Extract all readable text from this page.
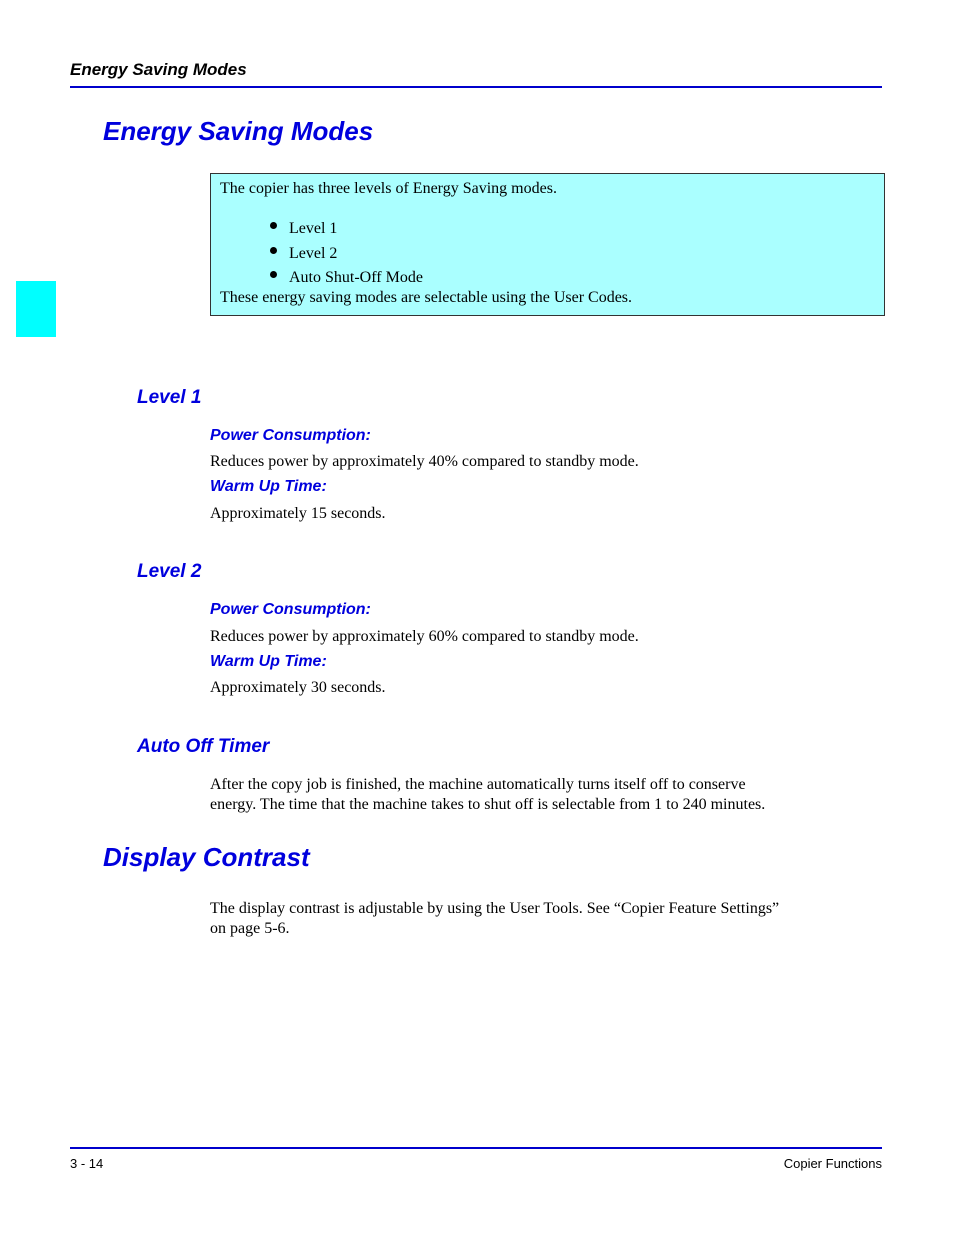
Energy Saving Modes
Energy Saving Modes
The copier has three levels of Energy Saving modes.
Level 1
Level 2
Auto Shut-Off Mode
These energy saving modes are selectable using the User Codes.
Level 1
Power Consumption:
Reduces power by approximately 40% compared to standby mode.
Warm Up Time:
Approximately 15 seconds.
Level 2
Power Consumption:
Reduces power by approximately 60% compared to standby mode.
Warm Up Time:
Approximately 30 seconds.
Auto Off Timer
After the copy job is finished, the machine automatically turns itself off to conserve
energy. The time that the machine takes to shut off is selectable from 1 to 240 minutes.
Display Contrast
The display contrast is adjustable by using the User Tools. See “Copier Feature Settings”
on page 5-6.
3 - 14	Copier Functions
